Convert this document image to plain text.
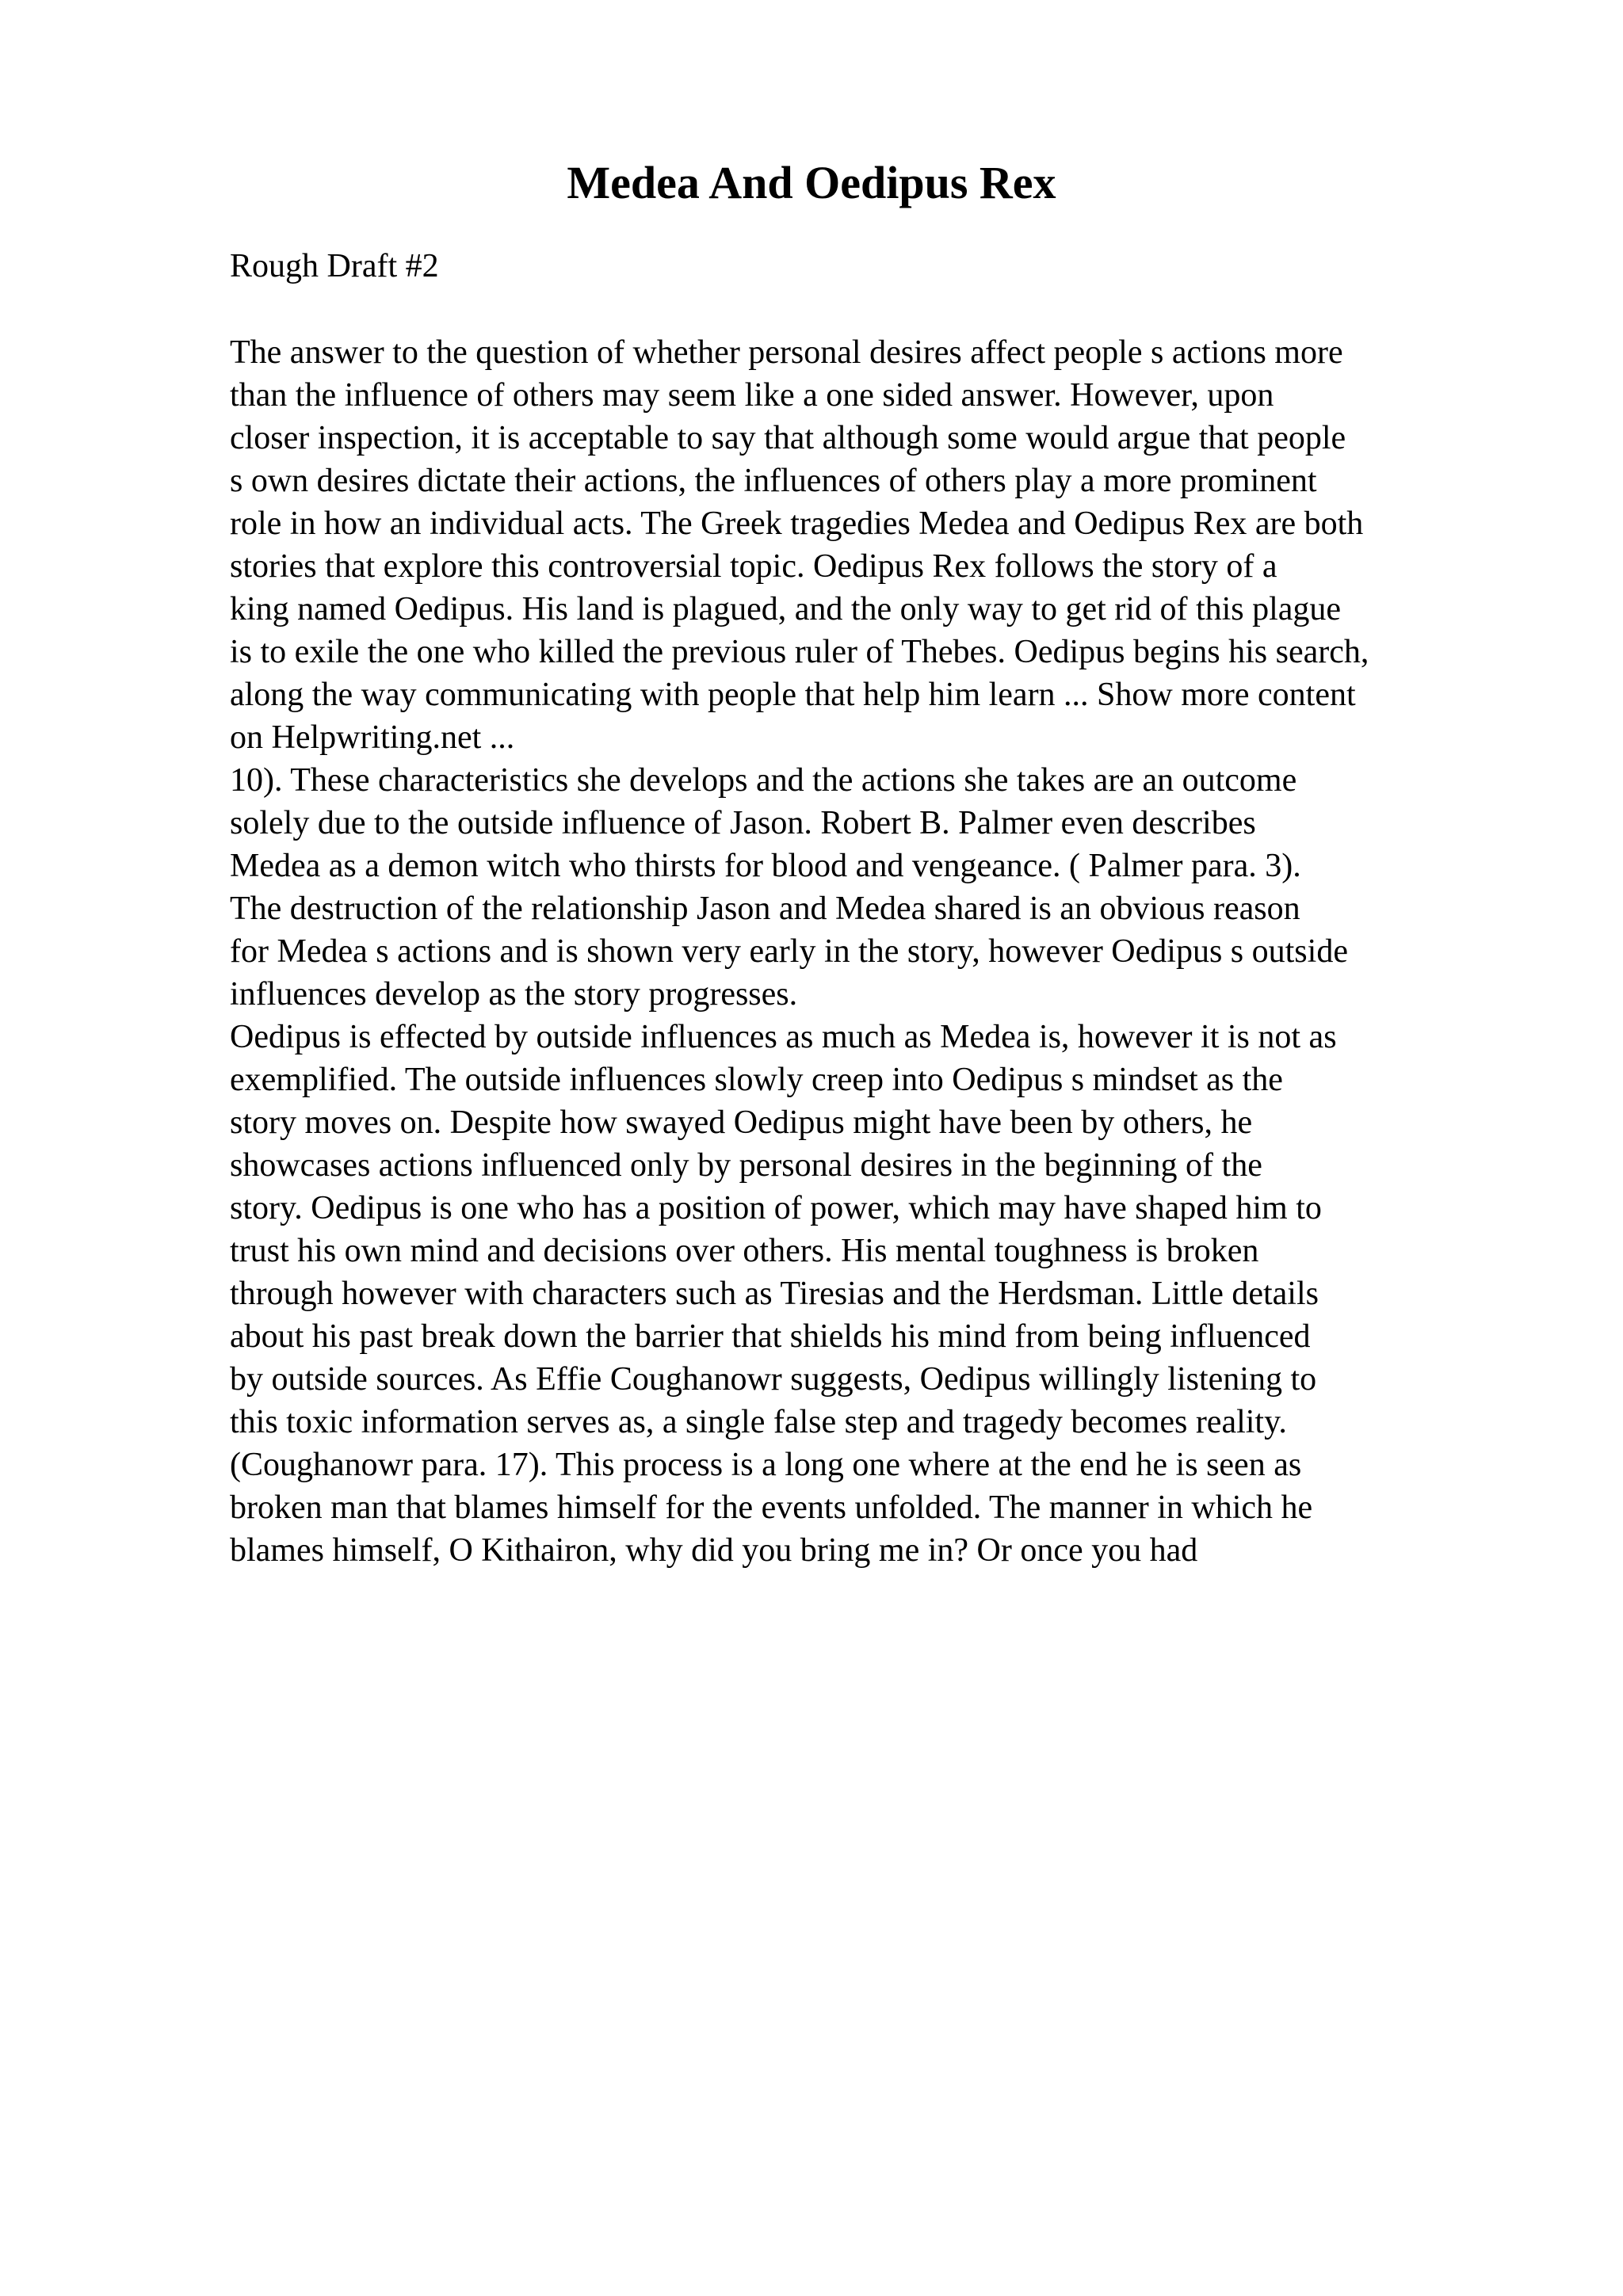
Medea And Oedipus Rex

Rough Draft #2

The answer to the question of whether personal desires affect people s actions more
than the influence of others may seem like a one sided answer. However, upon
closer inspection, it is acceptable to say that although some would argue that people
s own desires dictate their actions, the influences of others play a more prominent
role in how an individual acts. The Greek tragedies Medea and Oedipus Rex are both
stories that explore this controversial topic. Oedipus Rex follows the story of a
king named Oedipus. His land is plagued, and the only way to get rid of this plague
is to exile the one who killed the previous ruler of Thebes. Oedipus begins his search,
along the way communicating with people that help him learn ... Show more content
on Helpwriting.net ...
10). These characteristics she develops and the actions she takes are an outcome
solely due to the outside influence of Jason. Robert B. Palmer even describes
Medea as a demon witch who thirsts for blood and vengeance. ( Palmer para. 3).
The destruction of the relationship Jason and Medea shared is an obvious reason
for Medea s actions and is shown very early in the story, however Oedipus s outside
influences develop as the story progresses.
Oedipus is effected by outside influences as much as Medea is, however it is not as
exemplified. The outside influences slowly creep into Oedipus s mindset as the
story moves on. Despite how swayed Oedipus might have been by others, he
showcases actions influenced only by personal desires in the beginning of the
story. Oedipus is one who has a position of power, which may have shaped him to
trust his own mind and decisions over others. His mental toughness is broken
through however with characters such as Tiresias and the Herdsman. Little details
about his past break down the barrier that shields his mind from being influenced
by outside sources. As Effie Coughanowr suggests, Oedipus willingly listening to
this toxic information serves as, a single false step and tragedy becomes reality.
(Coughanowr para. 17). This process is a long one where at the end he is seen as
broken man that blames himself for the events unfolded. The manner in which he
blames himself, O Kithairon, why did you bring me in? Or once you had
